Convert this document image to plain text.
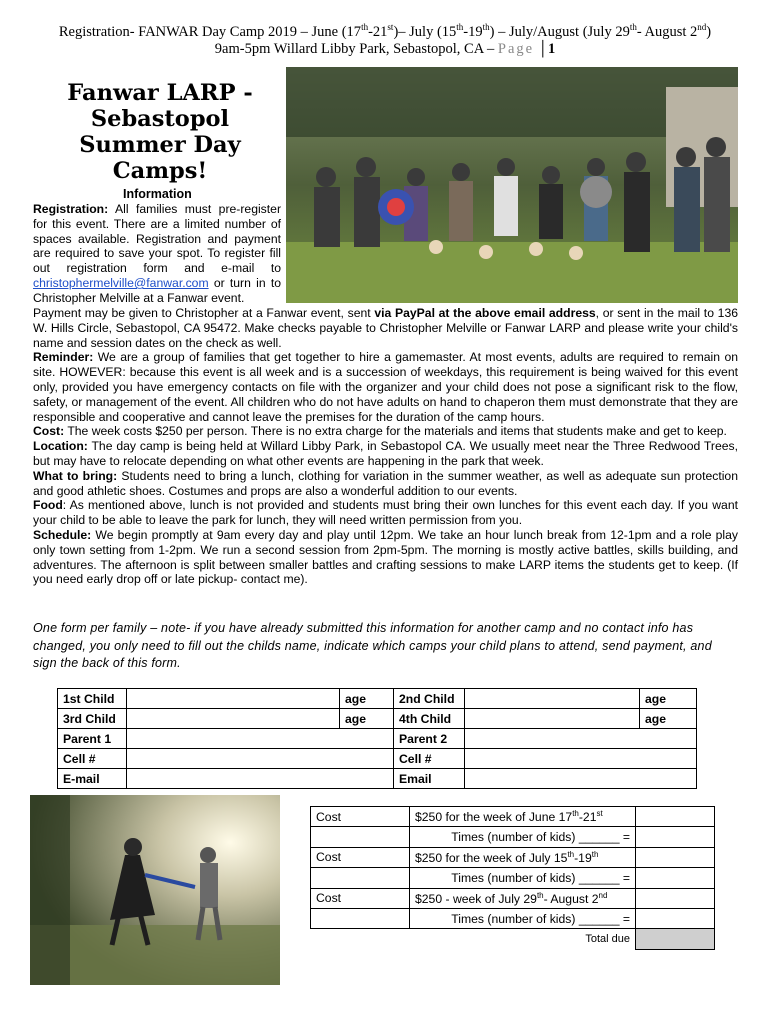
Registration- FANWAR Day Camp 2019 – June (17th-21st)– July (15th-19th) – July/August (July 29th- August 2nd)
9am-5pm Willard Libby Park, Sebastopol, CA – Page │1
Fanwar LARP -
Sebastopol
Summer Day
Camps!
Information
Registration: All families must pre-register for this event. There are a limited number of spaces available. Registration and payment are required to save your spot. To register fill out registration form and e-mail to christophermelville@fanwar.com or turn in to Christopher Melville at a Fanwar event.
Payment may be given to Christopher at a Fanwar event, sent via PayPal at the above email address, or sent in the mail to 136 W. Hills Circle, Sebastopol, CA 95472. Make checks payable to Christopher Melville or Fanwar LARP and please write your child's name and session dates on the check as well.
Reminder: We are a group of families that get together to hire a gamemaster. At most events, adults are required to remain on site. HOWEVER: because this event is all week and is a succession of weekdays, this requirement is being waived for this event only, provided you have emergency contacts on file with the organizer and your child does not pose a significant risk to the flow, safety, or management of the event. All children who do not have adults on hand to chaperon them must demonstrate that they are responsible and cooperative and cannot leave the premises for the duration of the camp hours.
Cost: The week costs $250 per person. There is no extra charge for the materials and items that students make and get to keep.
Location: The day camp is being held at Willard Libby Park, in Sebastopol CA. We usually meet near the Three Redwood Trees, but may have to relocate depending on what other events are happening in the park that week.
What to bring: Students need to bring a lunch, clothing for variation in the summer weather, as well as adequate sun protection and good athletic shoes. Costumes and props are also a wonderful addition to our events.
Food: As mentioned above, lunch is not provided and students must bring their own lunches for this event each day. If you want your child to be able to leave the park for lunch, they will need written permission from you.
Schedule: We begin promptly at 9am every day and play until 12pm. We take an hour lunch break from 12-1pm and a role play only town setting from 1-2pm. We run a second session from 2pm-5pm. The morning is mostly active battles, skills building, and adventures. The afternoon is split between smaller battles and crafting sessions to make LARP items the students get to keep. (If you need early drop off or late pickup- contact me).
One form per family – note- if you have already submitted this information for another camp and no contact info has changed, you only need to fill out the childs name, indicate which camps your child plans to attend, send payment, and sign the back of this form.
1st Child		age	2nd Child		age
3rd Child		age	4th Child		age
Parent 1			Parent 2		
Cell #			Cell #		
E-mail			Email		
Cost	$250 for the week of June 17th-21st	
	Times (number of kids) ______ =	
Cost	$250 for the week of July 15th-19th	
	Times (number of kids) ______ =	
Cost	$250 - week of July 29th- August 2nd	
	Times (number of kids) ______ =	
	Total due	
